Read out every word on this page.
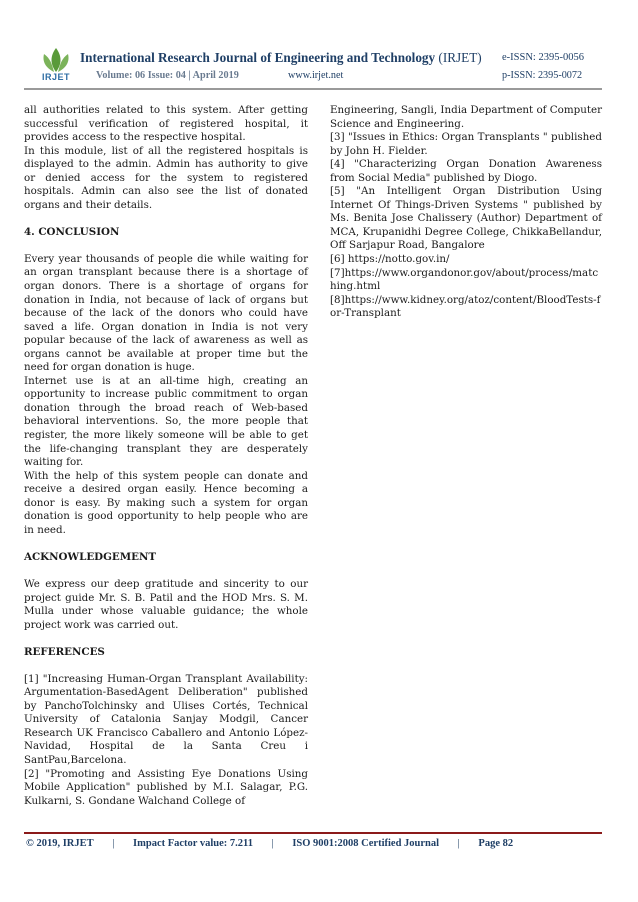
IRJET
International Research Journal of Engineering and Technology (IRJET) e-ISSN: 2395-0056
Volume: 06 Issue: 04 | April 2019	www.irjet.net	p-ISSN: 2395-0072

all authorities related to this system. After getting successful verification of registered hospital, it provides access to the respective hospital.

In this module, list of all the registered hospitals is displayed to the admin. Admin has authority to give or denied access for the system to registered hospitals. Admin can also see the list of donated organs and their details.

4. CONCLUSION

Every year thousands of people die while waiting for an organ transplant because there is a shortage of organ donors. There is a shortage of organs for donation in India, not because of lack of organs but because of the lack of the donors who could have saved a life. Organ donation in India is not very popular because of the lack of awareness as well as organs cannot be available at proper time but the need for organ donation is huge.

Internet use is at an all-time high, creating an opportunity to increase public commitment to organ donation through the broad reach of Web-based behavioral interventions. So, the more people that register, the more likely someone will be able to get the life-changing transplant they are desperately waiting for.

With the help of this system people can donate and receive a desired organ easily. Hence becoming a donor is easy. By making such a system for organ donation is good opportunity to help people who are in need.

ACKNOWLEDGEMENT

We express our deep gratitude and sincerity to our project guide Mr. S. B. Patil and the HOD Mrs. S. M. Mulla under whose valuable guidance; the whole project work was carried out.

REFERENCES

[1] "Increasing Human-Organ Transplant Availability: Argumentation-BasedAgent Deliberation" published by PanchoTolchinsky and Ulises Cortés, Technical University of Catalonia Sanjay Modgil, Cancer Research UK Francisco Caballero and Antonio López- Navidad, Hospital de la Santa Creu i SantPau,Barcelona.

[2] "Promoting and Assisting Eye Donations Using Mobile Application" published by M.I. Salagar, P.G. Kulkarni, S. Gondane Walchand College of

Engineering, Sangli, India Department of Computer Science and Engineering.

[3] "Issues in Ethics: Organ Transplants " published by John H. Fielder.

[4] "Characterizing Organ Donation Awareness from Social Media" published by Diogo.

[5] "An Intelligent Organ Distribution Using Internet Of Things-Driven Systems " published by Ms. Benita Jose Chalissery (Author) Department of MCA, Krupanidhi Degree College, ChikkaBellandur, Off Sarjapur Road, Bangalore

[6] https://notto.gov.in/

[7]https://www.organdonor.gov/about/process/matching.html

[8]https://www.kidney.org/atoz/content/BloodTests-for-Transplant

© 2019, IRJET | Impact Factor value: 7.211 | ISO 9001:2008 Certified Journal | Page 82
